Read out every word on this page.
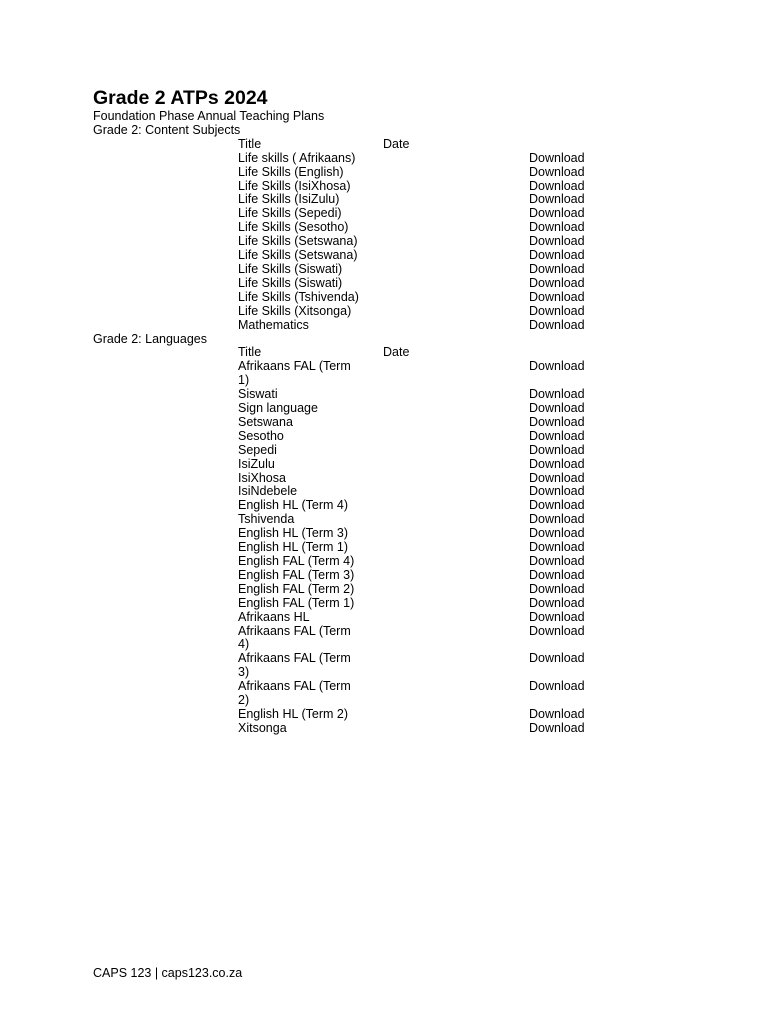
Grade 2 ATPs 2024

Foundation Phase Annual Teaching Plans

Grade 2: Content Subjects

Title	Date	

Life skills ( Afrikaans)		Download

Life Skills (English)		Download

Life Skills (IsiXhosa)		Download

Life Skills (IsiZulu)		Download

Life Skills (Sepedi)		Download

Life Skills (Sesotho)		Download

Life Skills (Setswana)		Download

Life Skills (Setswana)		Download

Life Skills (Siswati)		Download

Life Skills (Siswati)		Download

Life Skills (Tshivenda)		Download

Life Skills (Xitsonga)		Download

Mathematics		Download

Grade 2: Languages

Title	Date	

Afrikaans FAL (Term 1)		Download

Siswati		Download

Sign language		Download

Setswana		Download

Sesotho		Download

Sepedi		Download

IsiZulu		Download

IsiXhosa		Download

IsiNdebele		Download

English HL (Term 4)		Download

Tshivenda		Download

English HL (Term 3)		Download

English HL (Term 1)		Download

English FAL (Term 4)		Download

English FAL (Term 3)		Download

English FAL (Term 2)		Download

English FAL (Term 1)		Download

Afrikaans HL		Download

Afrikaans FAL (Term 4)		Download

Afrikaans FAL (Term 3)		Download

Afrikaans FAL (Term 2)		Download

English HL (Term 2)		Download

Xitsonga		Download
CAPS 123 | caps123.co.za
